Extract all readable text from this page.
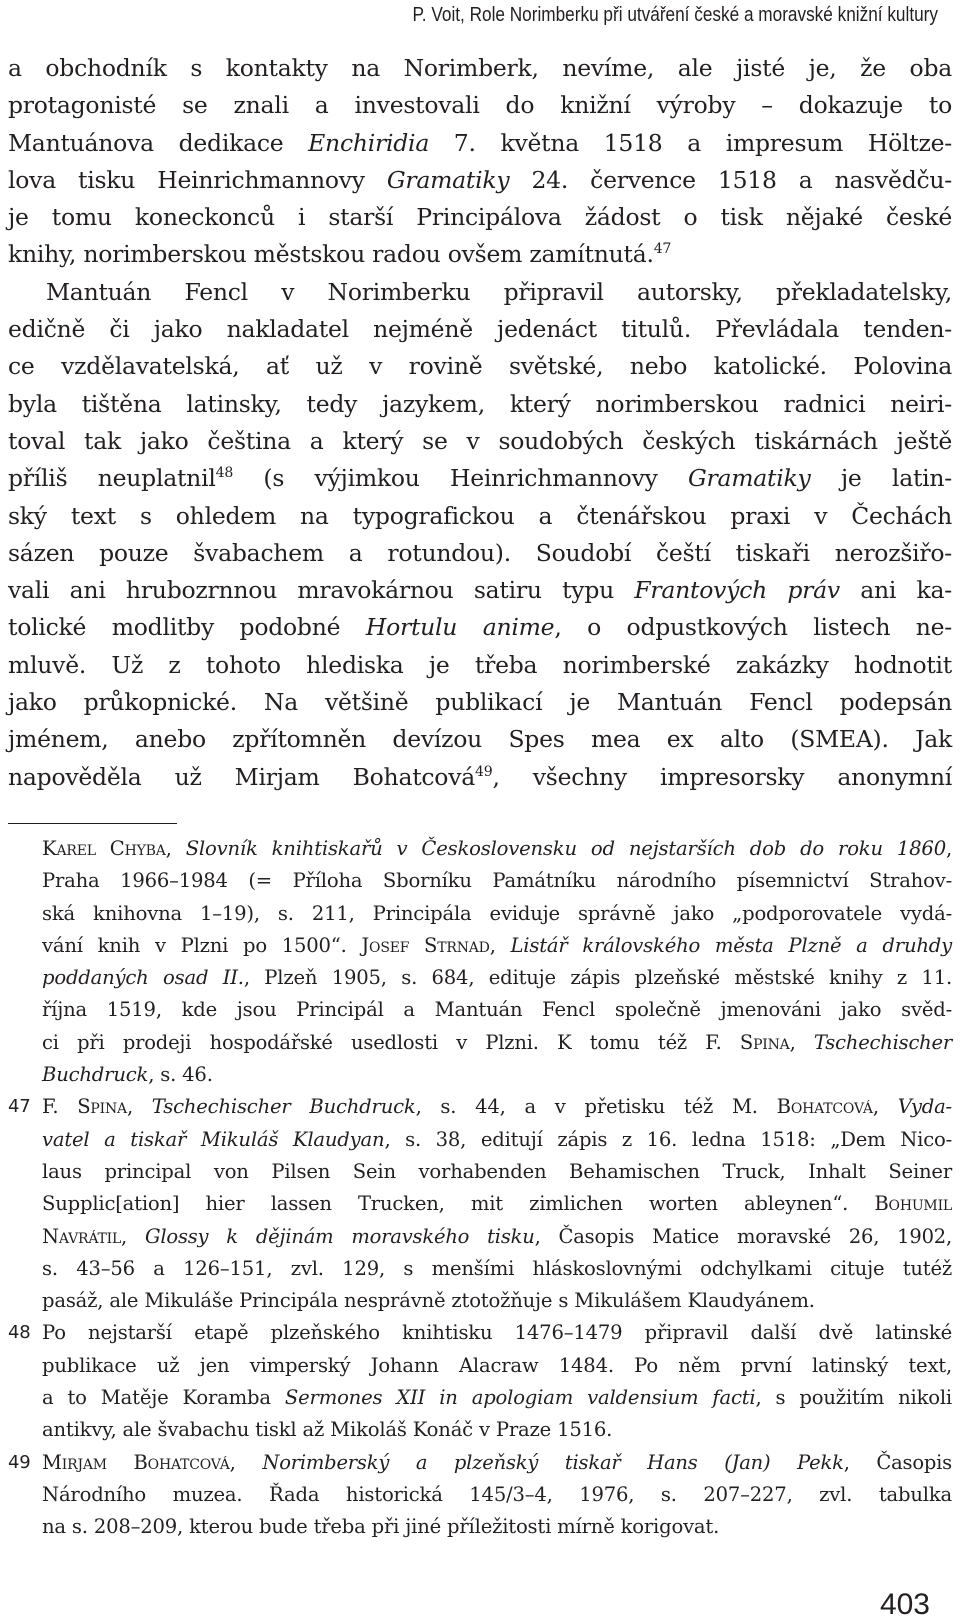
P. Voit, Role Norimberku při utváření české a moravské knižní kultury
a obchodník s kontakty na Norimberk, nevíme, ale jisté je, že oba
protagonisté se znali a investovali do knižní výroby – dokazuje to
Mantuánova dedikace Enchiridia 7. května 1518 a impresum Höltze-
lova tisku Heinrichmannovy Gramatiky 24. července 1518 a nasvědču-
je tomu koneckonců i starší Principálova žádost o tisk nějaké české
knihy, norimberskou městskou radou ovšem zamítnutá.$^{47}$
Mantuán Fencl v Norimberku připravil autorsky, překladatelsky,
edičně či jako nakladatel nejméně jedenáct titulů. Převládala tenden-
ce vzdělavatelská, ať už v rovině světské, nebo katolické. Polovina
byla tištěna latinsky, tedy jazykem, který norimberskou radnici neiri-
toval tak jako čeština a který se v soudobých českých tiskárnách ještě
příliš neuplatnil$^{48}$ (s výjimkou Heinrichmannovy Gramatiky je latin-
ský text s ohledem na typografickou a čtenářskou praxi v Čechách
sázen pouze švabachem a rotundou). Soudobí čeští tiskaři nerozšiřo-
vali ani hrubozrnnou mravokárnou satiru typu Frantových práv ani ka-
tolické modlitby podobné Hortulu anime, o odpustkových listech ne-
mluvě. Už z tohoto hlediska je třeba norimberské zakázky hodnotit
jako průkopnické. Na většině publikací je Mantuán Fencl podepsán
jménem, anebo zpřítomněn devízou Spes mea ex alto (SMEA). Jak
napověděla už Mirjam Bohatcová$^{49}$, všechny impresorsky anonymní
Karel Chyba, Slovník knihtiskařů v Československu od nejstarších dob do roku 1860,
Praha 1966–1984 (= Příloha Sborníku Památníku národního písemnictví Strahov-
ská knihovna 1–19), s. 211, Principála eviduje správně jako „podporovatele vydá-
vání knih v Plzni po 1500“. Josef Strnad, Listář královského města Plzně a druhdy
poddaných osad II., Plzeň 1905, s. 684, edituje zápis plzeňské městské knihy z 11.
října 1519, kde jsou Principál a Mantuán Fencl společně jmenováni jako svěd-
ci při prodeji hospodářské usedlosti v Plzni. K tomu též F. Spina, Tschechischer
Buchdruck, s. 46.
47 F. Spina, Tschechischer Buchdruck, s. 44, a v přetisku též M. Bohatcová, Vyda-
vatel a tiskař Mikuláš Klaudyan, s. 38, editují zápis z 16. ledna 1518: „Dem Nico-
laus principal von Pilsen Sein vorhabenden Behamischen Truck, Inhalt Seiner
Supplic[ation] hier lassen Trucken, mit zimlichen worten ableynen“. Bohumil
Navrátil, Glossy k dějinám moravského tisku, Časopis Matice moravské 26, 1902,
s. 43–56 a 126–151, zvl. 129, s menšími hláskoslovnými odchylkami cituje tutéž
pasáž, ale Mikuláše Principála nesprávně ztotožňuje s Mikulášem Klaudyánem.
48 Po nejstarší etapě plzeňského knihtisku 1476–1479 připravil další dvě latinské
publikace už jen vimperský Johann Alacraw 1484. Po něm první latinský text,
a to Matěje Koramba Sermones XII in apologiam valdensium facti, s použitím nikoli
antikvy, ale švabachu tiskl až Mikoláš Konáč v Praze 1516.
49 Mirjam Bohatcová, Norimberský a plzeňský tiskař Hans (Jan) Pekk, Časopis
Národního muzea. Řada historická 145/3–4, 1976, s. 207–227, zvl. tabulka
na s. 208–209, kterou bude třeba při jiné příležitosti mírně korigovat.
403
